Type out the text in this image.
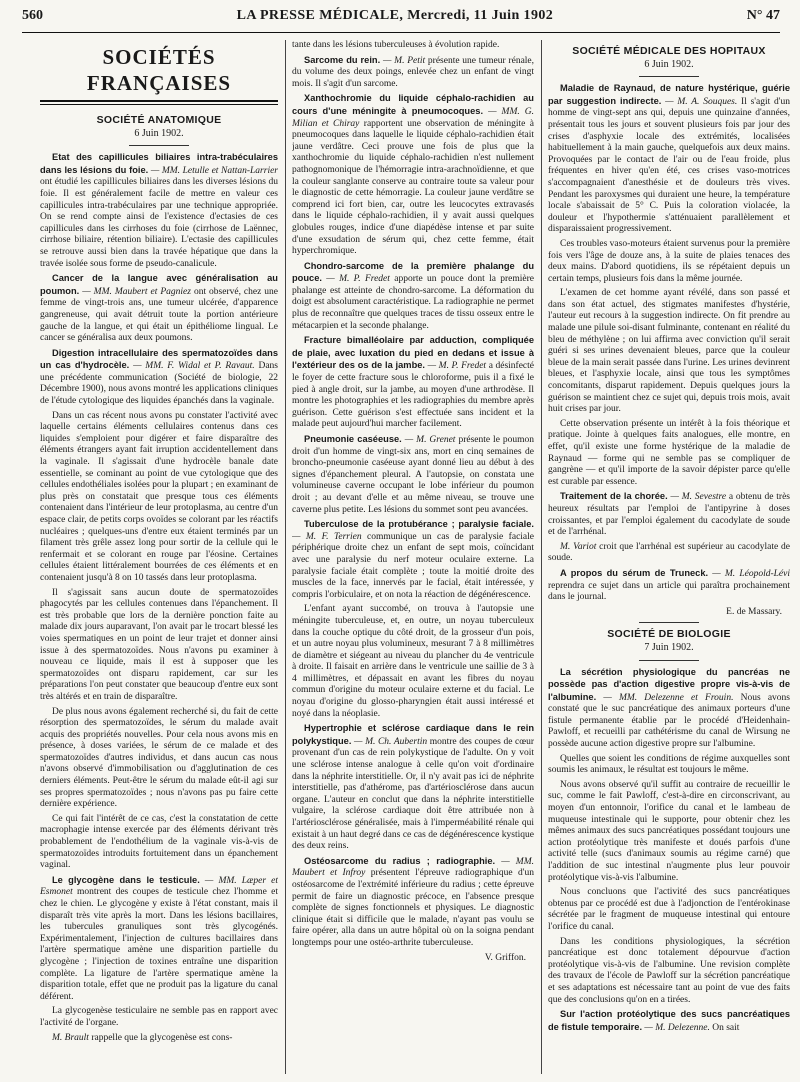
560	LA PRESSE MÉDICALE, Mercredi, 11 Juin 1902	N° 47
SOCIÉTÉS FRANÇAISES
SOCIÉTÉ ANATOMIQUE
6 Juin 1902.

Etat des capillicules biliaires intra-trabéculaires dans les lésions du foie. — MM. Letulle et Nattan-Larrier ont étudié les capillicules biliaires dans les diverses lésions du foie. Il est généralement facile de mettre en valeur ces capillicules intra-trabéculaires par une technique appropriée. On se rend compte ainsi de l'existence d'ectasies de ces capillicules dans les cirrhoses du foie (cirrhose de Laënnec, cirrhose biliaire, rétention biliaire). L'ectasie des capillicules se retrouve aussi bien dans la travée hépatique que dans la travée isolée sous forme de pseudo-canalicule.

Cancer de la langue avec généralisation au poumon. — MM. Maubert et Pagniez ont observé, chez une femme de vingt-trois ans, une tumeur ulcérée, d'apparence gangreneuse, qui avait détruit toute la portion antérieure gauche de la langue, et qui était un épithéliome lingual. Le cancer se généralisa aux deux poumons.

Digestion intracellulaire des spermatozoïdes dans un cas d'hydrocèle. — MM. F. Widal et P. Ravaut. Dans une précédente communication (Société de biologie, 22 Décembre 1900), nous avons montré les applications cliniques de l'étude cytologique des liquides épanchés dans la vaginale.

Dans un cas récent nous avons pu constater l'activité avec laquelle certains éléments cellulaires contenus dans ces liquides s'emploient pour digérer et faire disparaître des éléments étrangers ayant fait irruption accidentellement dans la vaginale. Il s'agissait d'une hydrocèle banale date essentielle, se cominant au point de vue cytologique que des cellules endothéliales isolées pour la plupart ; en examinant de plus près on constatait que presque tous ces éléments contenaient dans l'intérieur de leur protoplasma, au centre d'un espace clair, de petits corps ovoïdes se colorant par les réactifs nucléaires ; quelques-uns d'entre eux étaient terminés par un filament très grêle assez long pour sortir de la cellule qui le renfermait et se colorant en rouge par l'éosine. Certaines cellules étaient littéralement bourrées de ces éléments et en contenaient jusqu'à 8 on 10 tassés dans leur protoplasma.

Il s'agissait sans aucun doute de spermatozoïdes phagocytés par les cellules contenues dans l'épanchement. Il est très probable que lors de la dernière ponction faite au malade dix jours auparavant, l'on avait par le trocart blessé les voies spermatiques en un point de leur trajet et donner ainsi issue à des spermatozoïdes. Nous n'avons pu examiner à nouveau ce liquide, mais il est à supposer que les spermatozoïdes ont disparu rapidement, car sur les préparations l'on peut constater que beaucoup d'entre eux sont très altérés et en train de disparaître.

De plus nous avons également recherché si, du fait de cette résorption des spermatozoïdes, le sérum du malade avait acquis des propriétés nouvelles. Pour cela nous avons mis en présence, à doses variées, le sérum de ce malade et des spermatozoïdes d'autres individus, et dans aucun cas nous n'avons observé d'immobilisation ou d'agglutination de ces derniers éléments. Peut-être le sérum du malade eût-il agi sur ses propres spermatozoïdes ; nous n'avons pas pu faire cette dernière expérience.

Ce qui fait l'intérêt de ce cas, c'est la constatation de cette macrophagie intense exercée par des éléments dérivant très probablement de l'endothélium de la vaginale vis-à-vis de spermatozoïdes introduits fortuitement dans un épanchement vaginal.

Le glycogène dans le testicule. — MM. Læper et Esmonet montrent des coupes de testicule chez l'homme et chez le chien. Le glycogène y existe à l'état constant, mais il disparaît très vite après la mort. Dans les lésions bacillaires, les tubercules granuliques sont très glycogénés. Expérimentalement, l'injection de cultures bacillaires dans l'artère spermatique amène une disparition partielle du glycogène ; l'injection de toxines entraîne une disparition complète. La ligature de l'artère spermatique amène la disparition totale, effet que ne produit pas la ligature du canal déférent.

La glycogenèse testiculaire ne semble pas en rapport avec l'activité de l'organe.

M. Brault rappelle que la glycogenèse est cons-

tante dans les lésions tuberculeuses à évolution rapide.

Sarcome du rein. — M. Petit présente une tumeur rénale, du volume des deux poings, enlevée chez un enfant de vingt mois. Il s'agit d'un sarcome.

Xanthochromie du liquide céphalo-rachidien au cours d'une méningite à pneumocoques. — MM. G. Milian et Chiray rapportent une observation de méningite à pneumocoques dans laquelle le liquide céphalo-rachidien était jaune verdâtre. Ceci prouve une fois de plus que la xanthochromie du liquide céphalo-rachidien n'est nullement pathognomonique de l'hémorragie intra-arachnoïdienne, et que la couleur sanglante conserve au contraire toute sa valeur pour le diagnostic de cette hémorragie. La couleur jaune verdâtre se comprend ici fort bien, car, outre les leucocytes extravasés dans le liquide céphalo-rachidien, il y avait aussi quelques globules rouges, indice d'une diapédèse intense et par suite d'une exsudation de sérum qui, chez cette femme, était hyperchromique.

Chondro-sarcome de la première phalange du pouce. — M. P. Fredet apporte un pouce dont la première phalange est atteinte de chondro-sarcome. La déformation du doigt est absolument caractéristique. La radiographie ne permet plus de reconnaître que quelques traces de tissu osseux entre le métacarpien et la seconde phalange.

Fracture bimalléolaire par adduction, compliquée de plaie, avec luxation du pied en dedans et issue à l'extérieur des os de la jambe. — M. P. Fredet a désinfecté le foyer de cette fracture sous le chloroforme, puis il a fixé le pied à angle droit, sur la jambe, au moyen d'une arthrodèse. Il montre les photographies et les radiographies du membre après guérison. Cette guérison s'est effectuée sans incident et la malade peut aujourd'hui marcher facilement.

Pneumonie caséeuse. — M. Grenet présente le poumon droit d'un homme de vingt-six ans, mort en cinq semaines de broncho-pneumonie caséeuse ayant donné lieu au début à des signes d'épanchement pleural. A l'autopsie, on constata une volumineuse caverne occupant le lobe inférieur du poumon droit ; au devant d'elle et au même niveau, se trouve une caverne plus petite. Les lésions du sommet sont peu avancées.

Tuberculose de la protubérance ; paralysie faciale. — M. F. Terrien communique un cas de paralysie faciale périphérique droite chez un enfant de sept mois, coïncidant avec une paralysie du nerf moteur oculaire externe. La paralysie faciale était complète ; toute la moitié droite des muscles de la face, innervés par le facial, était intéressée, y compris l'orbiculaire, et on nota la réaction de dégénérescence.

L'enfant ayant succombé, on trouva à l'autopsie une méningite tuberculeuse, et, en outre, un noyau tuberculeux dans la couche optique du côté droit, de la grosseur d'un pois, et un autre noyau plus volumineux, mesurant 7 à 8 millimètres de diamètre et siégeant au niveau du plancher du 4e ventricule à droite. Il faisait en arrière dans le ventricule une saillie de 3 à 4 millimètres, et dépassait en avant les fibres du noyau commun d'origine du moteur oculaire externe et du facial. Le noyau d'origine du glosso-pharyngien était aussi intéressé et noyé dans la néoplasie.

Hypertrophie et sclérose cardiaque dans le rein polykystique. — M. Ch. Aubertin montre des coupes de cœur provenant d'un cas de rein polykystique de l'adulte. On y voit une sclérose intense analogue à celle qu'on voit d'ordinaire dans la néphrite interstitielle. Or, il n'y avait pas ici de néphrite interstitielle, pas d'athérome, pas d'artériosclérose dans aucun organe. L'auteur en conclut que dans la néphrite interstitielle vulgaire, la sclérose cardiaque doit être attribuée non à l'artériosclérose généralisée, mais à l'imperméabilité rénale qui existait à un haut degré dans ce cas de dégénérescence kystique des deux reins.

Ostéosarcome du radius ; radiographie. — MM. Maubert et Infroy présentent l'épreuve radiographique d'un ostéosarcome de l'extrémité inférieure du radius ; cette épreuve permit de faire un diagnostic précoce, en l'absence presque complète de signes fonctionnels et physiques. Le diagnostic clinique était si difficile que le malade, n'ayant pas voulu se faire opérer, alla dans un autre hôpital où on la soigna pendant longtemps pour une ostéo-arthrite tuberculeuse.

V. Griffon.

SOCIÉTÉ MÉDICALE DES HOPITAUX
6 Juin 1902.

Maladie de Raynaud, de nature hystérique, guérie par suggestion indirecte. — M. A. Souques. Il s'agit d'un homme de vingt-sept ans qui, depuis une quinzaine d'années, présentait tous les jours et souvent plusieurs fois par jour des crises d'asphyxie locale des extrémités, localisées habituellement à la main gauche, quelquefois aux deux mains. Provoquées par le contact de l'air ou de l'eau froide, plus fréquentes en hiver qu'en été, ces crises vaso-motrices s'accompagnaient d'anesthésie et de douleurs très vives. Pendant les paroxysmes qui duraient une heure, la température locale s'abaissait de 5° C. Puis la coloration violacée, la douleur et l'hypothermie s'atténuaient parallèlement et disparaissaient progressivement.

Ces troubles vaso-moteurs étaient survenus pour la première fois vers l'âge de douze ans, à la suite de plaies tenaces des deux mains. D'abord quotidiens, ils se répétaient depuis un certain temps, plusieurs fois dans la même journée.

L'examen de cet homme ayant révélé, dans son passé et dans son état actuel, des stigmates manifestes d'hystérie, l'auteur eut recours à la suggestion indirecte. On fit prendre au malade une pilule soi-disant fulminante, contenant en réalité du bleu de méthylène ; on lui affirma avec conviction qu'il serait guéri si ses urines devenaient bleues, parce que la couleur bleue de la main serait passée dans l'urine. Les urines devinrent bleues, et l'asphyxie locale, ainsi que tous les symptômes concomitants, disparut rapidement. Depuis quelques jours la guérison se maintient chez ce sujet qui, depuis trois mois, avait huit crises par jour.

Cette observation présente un intérêt à la fois théorique et pratique. Jointe à quelques faits analogues, elle montre, en effet, qu'il existe une forme hystérique de la maladie de Raynaud — forme qui ne semble pas se compliquer de gangrène — et qu'il importe de la savoir dépister parce qu'elle est curable par essence.

Traitement de la chorée. — M. Sevestre a obtenu de très heureux résultats par l'emploi de l'antipyrine à doses croissantes, et par l'emploi également du cacodylate de soude et de l'arrhénal.

M. Variot croit que l'arrhénal est supérieur au cacodylate de soude.

A propos du sérum de Truneck. — M. Léopold-Lévi reprendra ce sujet dans un article qui paraîtra prochainement dans le journal.

E. de Massary.

SOCIÉTÉ DE BIOLOGIE
7 Juin 1902.

La sécrétion physiologique du pancréas ne possède pas d'action digestive propre vis-à-vis de l'albumine. — MM. Delezenne et Frouin. Nous avons constaté que le suc pancréatique des animaux porteurs d'une fistule permanente établie par le procédé d'Heidenhain-Pawloff, et recueilli par cathétérisme du canal de Wirsung ne possède aucune action digestive propre sur l'albumine.

Quelles que soient les conditions de régime auxquelles sont soumis les animaux, le résultat est toujours le même.

Nous avons observé qu'il suffit au contraire de recueillir le suc, comme le fait Pawloff, c'est-à-dire en circonscrivant, au moyen d'un entonnoir, l'orifice du canal et le lambeau de muqueuse intestinale qui le supporte, pour obtenir chez les mêmes animaux des sucs pancréatiques possédant toujours une action protéolytique très manifeste et doués parfois d'une activité telle (sucs d'animaux soumis au régime carné) que l'addition de suc intestinal n'augmente plus leur pouvoir protéolytique vis-à-vis l'albumine.

Nous concluons que l'activité des sucs pancréatiques obtenus par ce procédé est due à l'adjonction de l'entérokinase sécrétée par le fragment de muqueuse intestinal qui entoure l'orifice du canal.

Dans les conditions physiologiques, la sécrétion pancréatique est donc totalement dépourvue d'action protéolytique vis-à-vis de l'albumine. Une revision complète des travaux de l'école de Pawloff sur la sécrétion pancréatique et ses adaptations est nécessaire tant au point de vue des faits que des conclusions qu'on en a tirées.

Sur l'action protéolytique des sucs pancréatiques de fistule temporaire. — M. Delezenne. On sait
